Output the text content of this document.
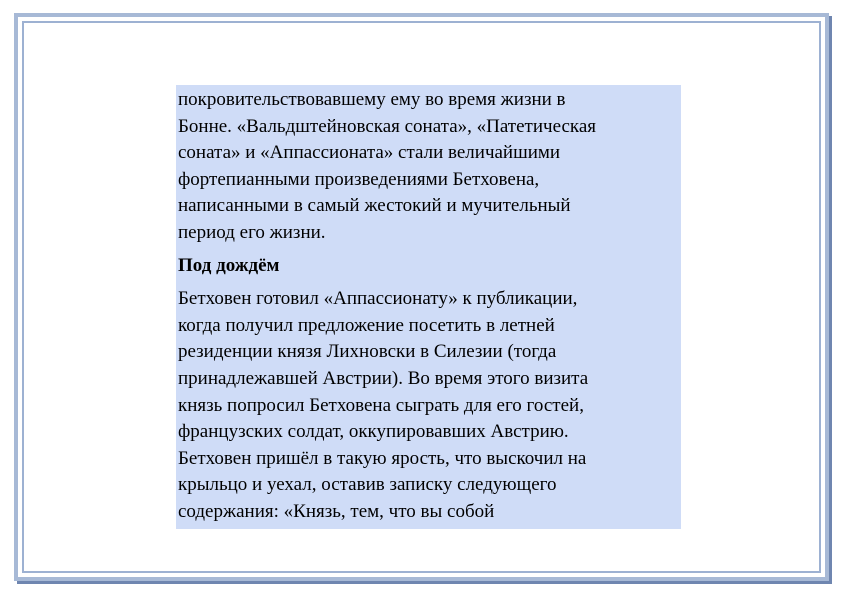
покровительствовавшему ему во время жизни в
Бонне. «Вальдштейновская соната», «Патетическая
соната» и «Аппассионата» стали величайшими
фортепианными произведениями Бетховена,
написанными в самый жестокий и мучительный
период его жизни.

Под дождём

Бетховен готовил «Аппассионату» к публикации,
когда получил предложение посетить в летней
резиденции князя Лихновски в Силезии (тогда
принадлежавшей Австрии). Во время этого визита
князь попросил Бетховена сыграть для его гостей,
французских солдат, оккупировавших Австрию.
Бетховен пришёл в такую ярость, что выскочил на
крыльцо и уехал, оставив записку следующего
содержания: «Князь, тем, что вы собой
